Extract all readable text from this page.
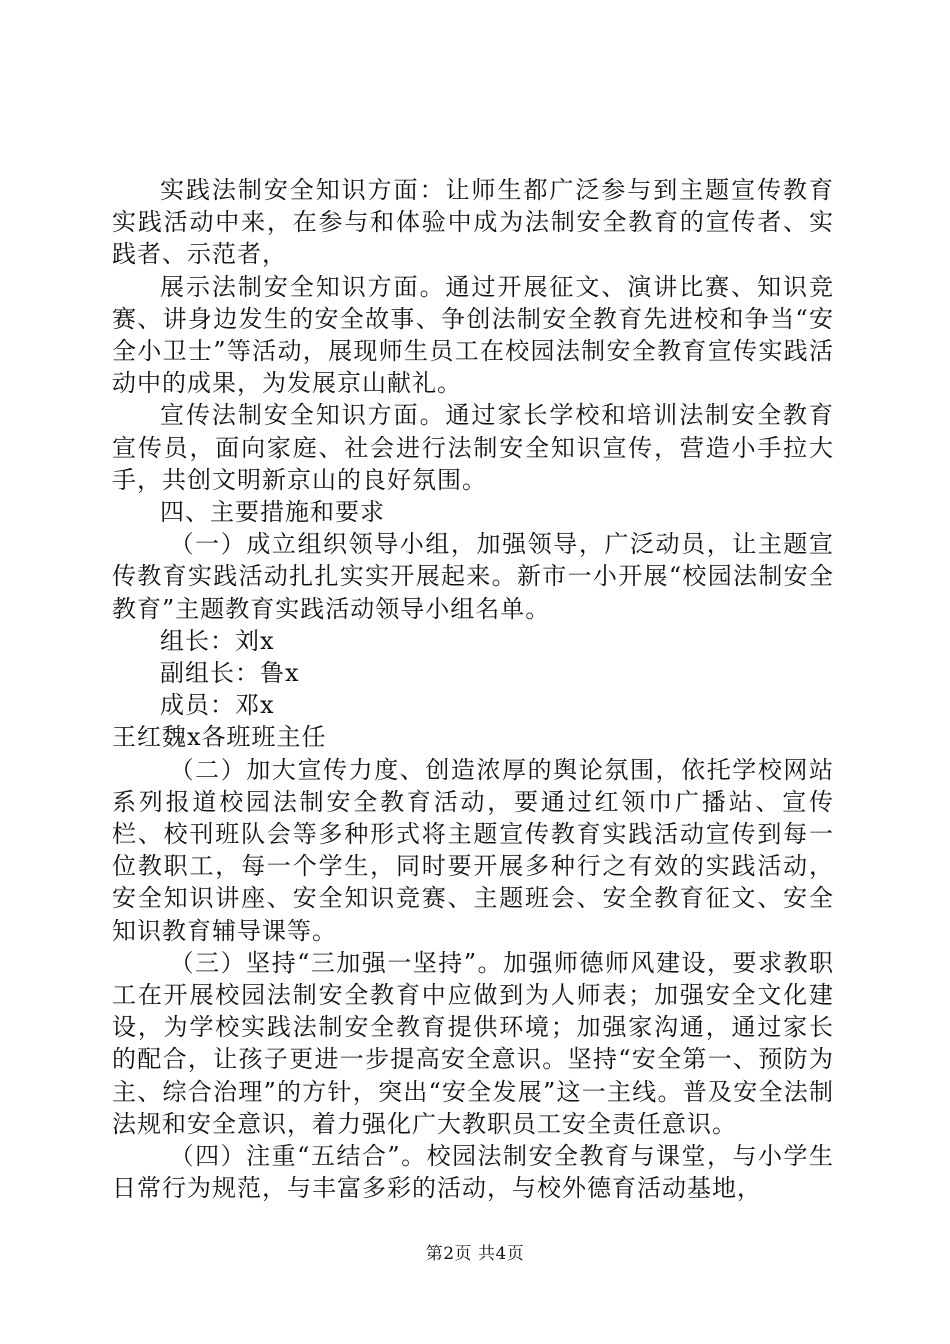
实践法制安全知识方面：让师生都广泛参与到主题宣传教育实践活动中来，在参与和体验中成为法制安全教育的宣传者、实践者、示范者，

展示法制安全知识方面。通过开展征文、演讲比赛、知识竞赛、讲身边发生的安全故事、争创法制安全教育先进校和争当“安全小卫士”等活动，展现师生员工在校园法制安全教育宣传实践活动中的成果，为发展京山献礼。

宣传法制安全知识方面。通过家长学校和培训法制安全教育宣传员，面向家庭、社会进行法制安全知识宣传，营造小手拉大手，共创文明新京山的良好氛围。

四、主要措施和要求

（一）成立组织领导小组，加强领导，广泛动员，让主题宣传教育实践活动扎扎实实开展起来。新市一小开展“校园法制安全教育”主题教育实践活动领导小组名单。

组长：刘x

副组长：鲁x

成员：邓x

王红魏x各班班主任

（二）加大宣传力度、创造浓厚的舆论氛围，依托学校网站系列报道校园法制安全教育活动，要通过红领巾广播站、宣传栏、校刊班队会等多种形式将主题宣传教育实践活动宣传到每一位教职工，每一个学生，同时要开展多种行之有效的实践活动，安全知识讲座、安全知识竞赛、主题班会、安全教育征文、安全知识教育辅导课等。

（三）坚持“三加强一坚持”。加强师德师风建设，要求教职工在开展校园法制安全教育中应做到为人师表；加强安全文化建设，为学校实践法制安全教育提供环境；加强家沟通，通过家长的配合，让孩子更进一步提高安全意识。坚持“安全第一、预防为主、综合治理”的方针，突出“安全发展”这一主线。普及安全法制法规和安全意识，着力强化广大教职员工安全责任意识。

（四）注重“五结合”。校园法制安全教育与课堂，与小学生日常行为规范，与丰富多彩的活动，与校外德育活动基地，

第2页 共4页
